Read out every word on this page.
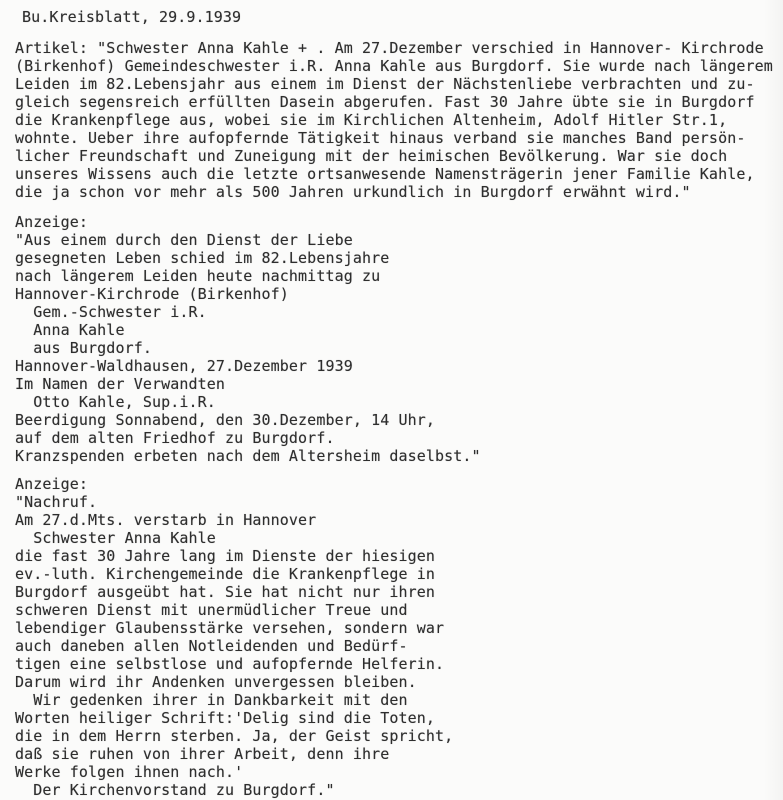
Bu.Kreisblatt, 29.9.1939
Artikel: "Schwester Anna Kahle + . Am 27.Dezember verschied in Hannover- Kirchrode
(Birkenhof) Gemeindeschwester i.R. Anna Kahle aus Burgdorf. Sie wurde nach längerem
Leiden im 82.Lebensjahr aus einem im Dienst der Nächstenliebe verbrachten und zu-
gleich segensreich erfüllten Dasein abgerufen. Fast 30 Jahre übte sie in Burgdorf
die Krankenpflege aus, wobei sie im Kirchlichen Altenheim, Adolf Hitler Str.1,
wohnte. Ueber ihre aufopfernde Tätigkeit hinaus verband sie manches Band persön-
licher Freundschaft und Zuneigung mit der heimischen Bevölkerung. War sie doch
unseres Wissens auch die letzte ortsanwesende Namensträgerin jener Familie Kahle,
die ja schon vor mehr als 500 Jahren urkundlich in Burgdorf erwähnt wird."
Anzeige:
"Aus einem durch den Dienst der Liebe
gesegneten Leben schied im 82.Lebensjahre
nach längerem Leiden heute nachmittag zu
Hannover-Kirchrode (Birkenhof)
Gem.-Schwester i.R.
Anna Kahle
aus Burgdorf.
Hannover-Waldhausen, 27.Dezember 1939
Im Namen der Verwandten
Otto Kahle, Sup.i.R.
Beerdigung Sonnabend, den 30.Dezember, 14 Uhr,
auf dem alten Friedhof zu Burgdorf.
Kranzspenden erbeten nach dem Altersheim daselbst."
Anzeige:
"Nachruf.
Am 27.d.Mts. verstarb in Hannover
Schwester Anna Kahle
die fast 30 Jahre lang im Dienste der hiesigen
ev.-luth. Kirchengemeinde die Krankenpflege in
Burgdorf ausgeübt hat. Sie hat nicht nur ihren
schweren Dienst mit unermüdlicher Treue und
lebendiger Glaubensstärke versehen, sondern war
auch daneben allen Notleidenden und Bedürf-
tigen eine selbstlose und aufopfernde Helferin.
Darum wird ihr Andenken unvergessen bleiben.
Wir gedenken ihrer in Dankbarkeit mit den
Worten heiliger Schrift:'Delig sind die Toten,
die in dem Herrn sterben. Ja, der Geist spricht,
daß sie ruhen von ihrer Arbeit, denn ihre
Werke folgen ihnen nach.'
Der Kirchenvorstand zu Burgdorf."
